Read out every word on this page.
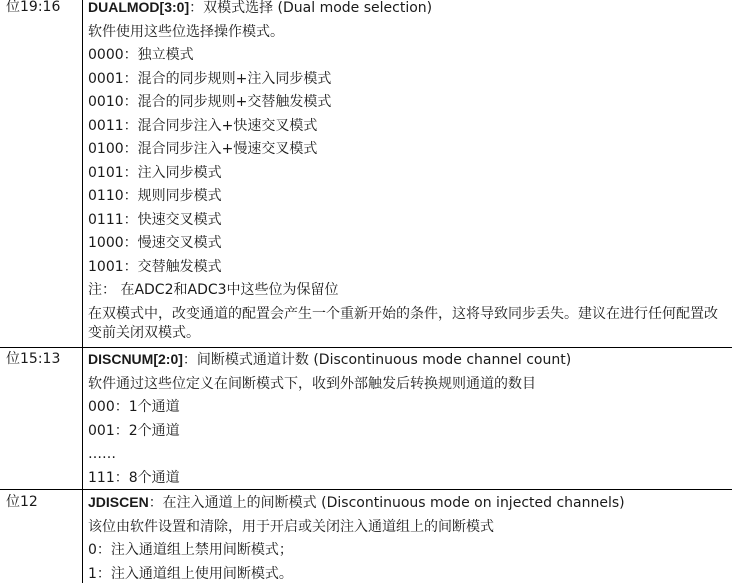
位19:16 DUALMOD[3:0]：双模式选择 (Dual mode selection)
软件使用这些位选择操作模式。
0000：独立模式
0001：混合的同步规则+注入同步模式
0010：混合的同步规则+交替触发模式
0011：混合同步注入+快速交叉模式
0100：混合同步注入+慢速交叉模式
0101：注入同步模式
0110：规则同步模式
0111：快速交叉模式
1000：慢速交叉模式
1001：交替触发模式
注： 在ADC2和ADC3中这些位为保留位
在双模式中，改变通道的配置会产生一个重新开始的条件，这将导致同步丢失。建议在进行任何配置改变前关闭双模式。
位15:13 DISCNUM[2:0]：间断模式通道计数 (Discontinuous mode channel count)
软件通过这些位定义在间断模式下，收到外部触发后转换规则通道的数目
000：1个通道
001：2个通道
……
111：8个通道
位12	JDISCEN：在注入通道上的间断模式 (Discontinuous mode on injected channels)
该位由软件设置和清除，用于开启或关闭注入通道组上的间断模式
0：注入通道组上禁用间断模式；
1：注入通道组上使用间断模式。
